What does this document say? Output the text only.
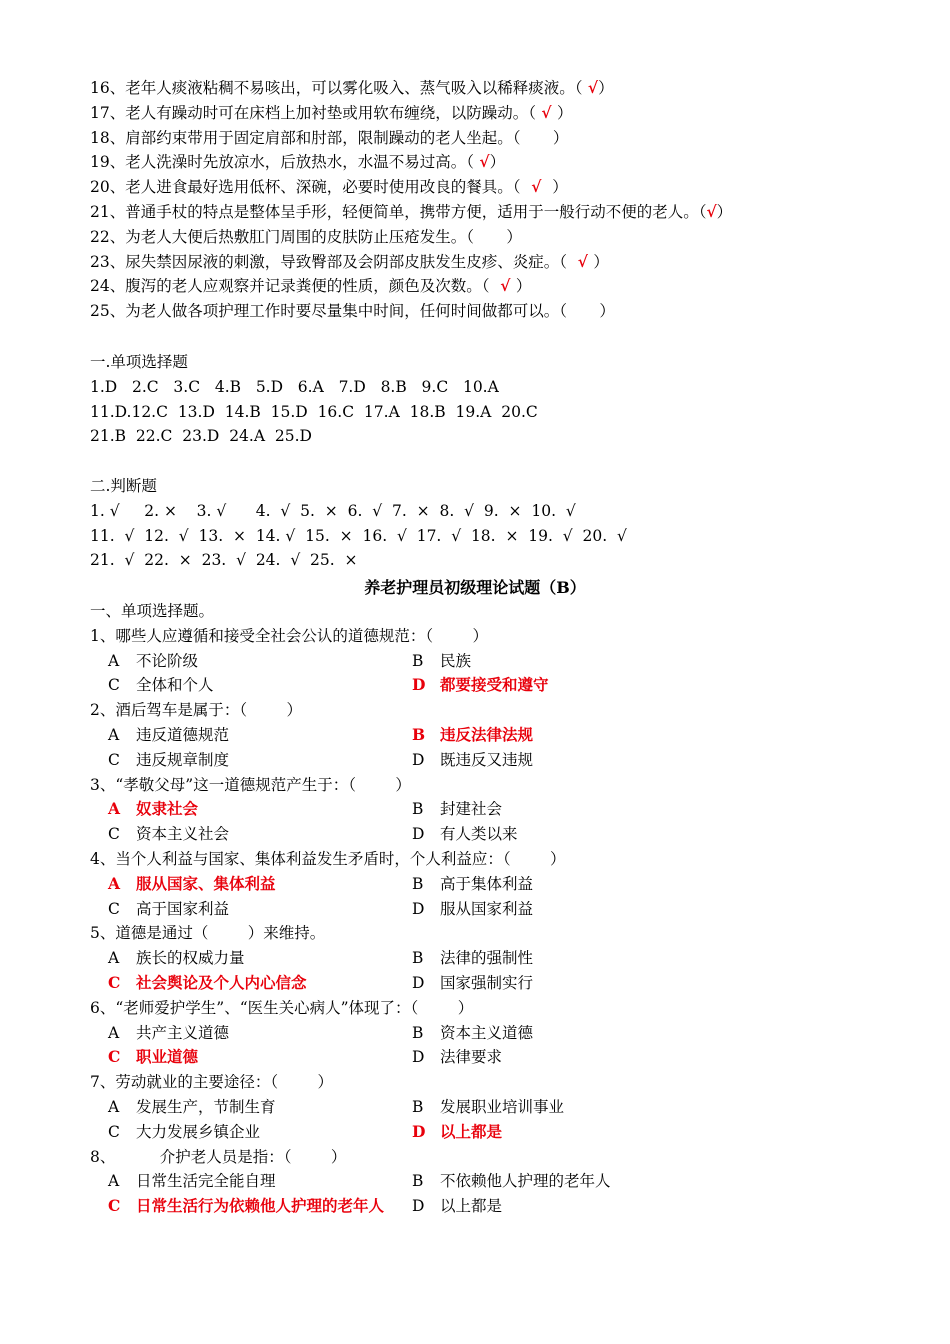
16、老年人痰液粘稠不易咳出，可以雾化吸入、蒸气吸入以稀释痰液。（ √）
17、老人有躁动时可在床档上加衬垫或用软布缠绕，以防躁动。（ √ ）
18、肩部约束带用于固定肩部和肘部，限制躁动的老人坐起。（ ）
19、老人洗澡时先放凉水，后放热水，水温不易过高。（ √）
20、老人进食最好选用低杯、深碗，必要时使用改良的餐具。（  √  ）
21、普通手杖的特点是整体呈手形，轻便简单，携带方便，适用于一般行动不便的老人。（√）
22、为老人大便后热敷肛门周围的皮肤防止压疮发生。（ ）
23、尿失禁因尿液的刺激，导致臀部及会阴部皮肤发生皮疹、炎症。（  √ ）
24、腹泻的老人应观察并记录粪便的性质，颜色及次数。（  √ ）
25、为老人做各项护理工作时要尽量集中时间，任何时间做都可以。（ ）
一.单项选择题
1.D   2.C   3.C   4.B   5.D   6.A   7.D   8.B   9.C   10.A
11.D.12.C  13.D  14.B  15.D  16.C  17.A  18.B  19.A  20.C
21.B  22.C  23.D  24.A  25.D
二.判断题
1. √     2. ×    3. √      4.  √  5.  ×  6.  √  7.  ×  8.  √  9.  ×  10.  √
11.  √  12.  √  13.  ×  14. √  15.  ×  16.  √  17.  √  18.  ×  19.  √  20.  √
21.  √  22.  ×  23.  √  24.  √  25.  ×
养老护理员初级理论试题（B）
一、单项选择题。
1、哪些人应遵循和接受全社会公认的道德规范：（        ）
A 不论阶级	B 民族
C 全体和个人	D 都要接受和遵守
2、酒后驾车是属于：（        ）
A 违反道德规范	B 违反法律法规
C 违反规章制度	D 既违反又违规
3、“孝敬父母”这一道德规范产生于：（        ）
A 奴隶社会	B 封建社会
C 资本主义社会	D 有人类以来
4、当个人利益与国家、集体利益发生矛盾时，个人利益应：（        ）
A 服从国家、集体利益	B 高于集体利益
C 高于国家利益	D 服从国家利益
5、道德是通过（        ）来维持。
A 族长的权威力量	B 法律的强制性
C 社会舆论及个人内心信念	D 国家强制实行
6、“老师爱护学生”、“医生关心病人”体现了：（        ）
A 共产主义道德	B 资本主义道德
C 职业道德	D 法律要求
7、劳动就业的主要途径：（        ）
A 发展生产，节制生育	B 发展职业培训事业
C 大力发展乡镇企业	D 以上都是
8、         介护老人员是指：（        ）
A 日常生活完全能自理	B 不依赖他人护理的老年人
C 日常生活行为依赖他人护理的老年人 D 以上都是
